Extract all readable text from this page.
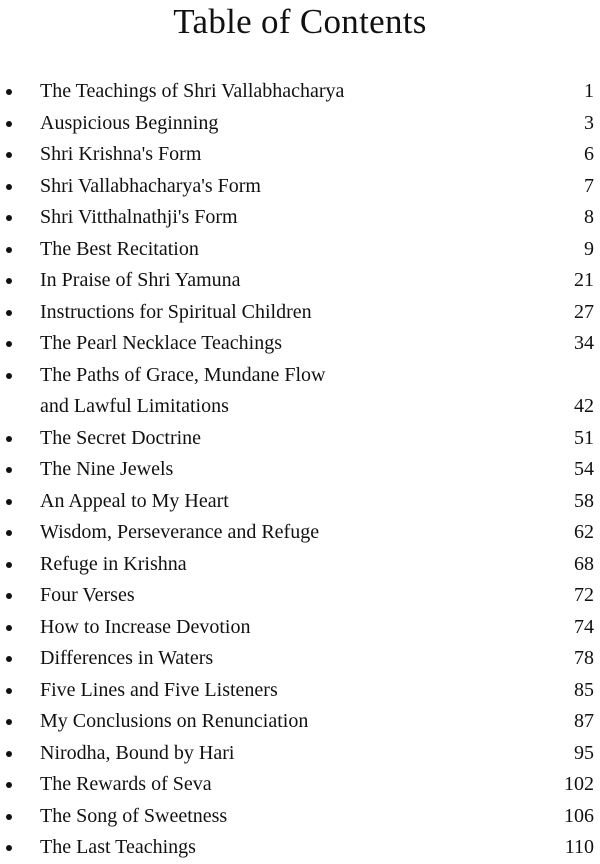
Table of Contents
The Teachings of Shri Vallabhacharya	1
Auspicious Beginning	3
Shri Krishna's Form	6
Shri Vallabhacharya's Form	7
Shri Vitthalnathji's Form	8
The Best Recitation	9
In Praise of Shri Yamuna	21
Instructions for Spiritual Children	27
The Pearl Necklace Teachings	34
The Paths of Grace, Mundane Flow
and Lawful Limitations	42
The Secret Doctrine	51
The Nine Jewels	54
An Appeal to My Heart	58
Wisdom, Perseverance and Refuge	62
Refuge in Krishna	68
Four Verses	72
How to Increase Devotion	74
Differences in Waters	78
Five Lines and Five Listeners	85
My Conclusions on Renunciation	87
Nirodha, Bound by Hari	95
The Rewards of Seva	102
The Song of Sweetness	106
The Last Teachings	110
